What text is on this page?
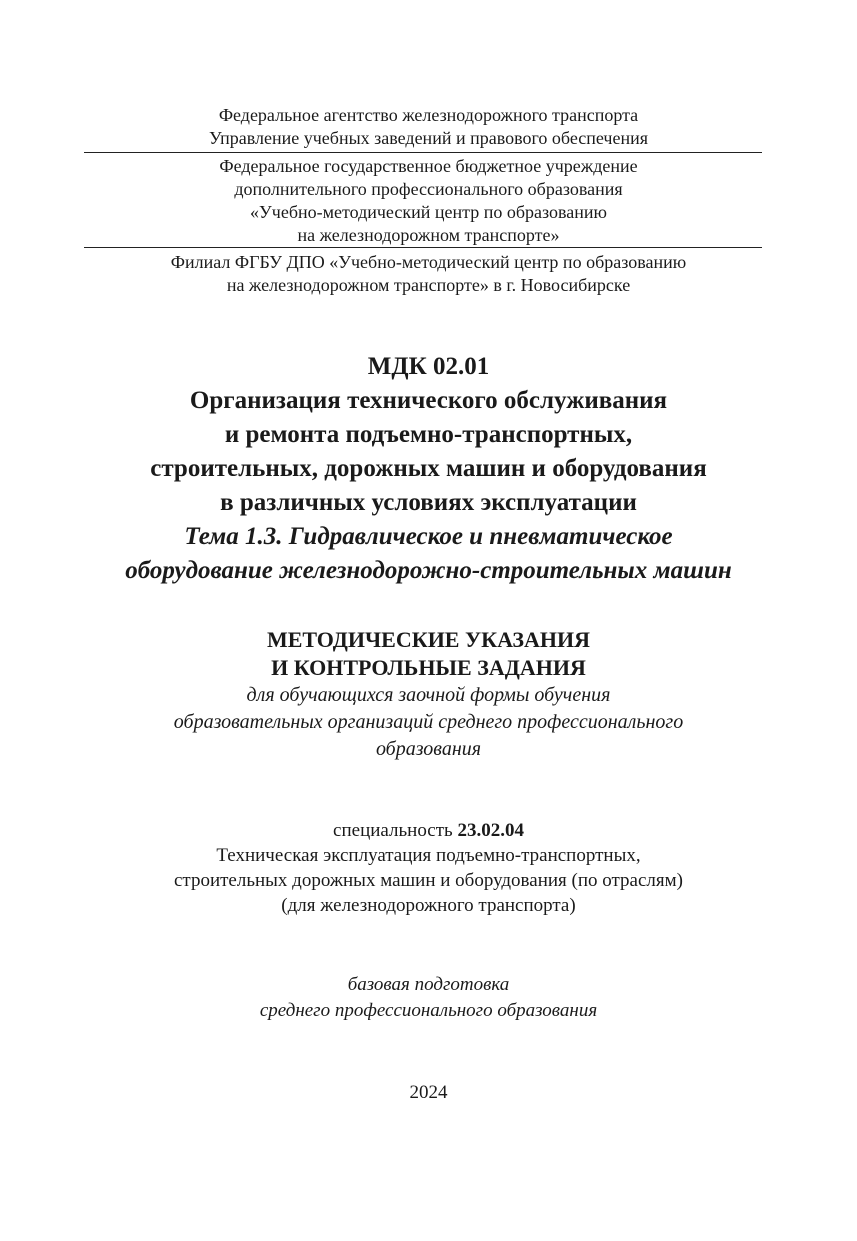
Федеральное агентство железнодорожного транспорта
Управление учебных заведений и правового обеспечения
Федеральное государственное бюджетное учреждение
дополнительного профессионального образования
«Учебно-методический центр по образованию
на железнодорожном транспорте»
Филиал ФГБУ ДПО «Учебно-методический центр по образованию
на железнодорожном транспорте» в г. Новосибирске
МДК 02.01
Организация технического обслуживания
и ремонта подъемно-транспортных,
строительных, дорожных машин и оборудования
в различных условиях эксплуатации
Тема 1.3. Гидравлическое и пневматическое
оборудование железнодорожно-строительных машин
МЕТОДИЧЕСКИЕ УКАЗАНИЯ
И КОНТРОЛЬНЫЕ ЗАДАНИЯ
для обучающихся заочной формы обучения
образовательных организаций среднего профессионального
образования
специальность 23.02.04
Техническая эксплуатация подъемно-транспортных,
строительных дорожных машин и оборудования (по отраслям)
(для железнодорожного транспорта)
базовая подготовка
среднего профессионального образования
2024
